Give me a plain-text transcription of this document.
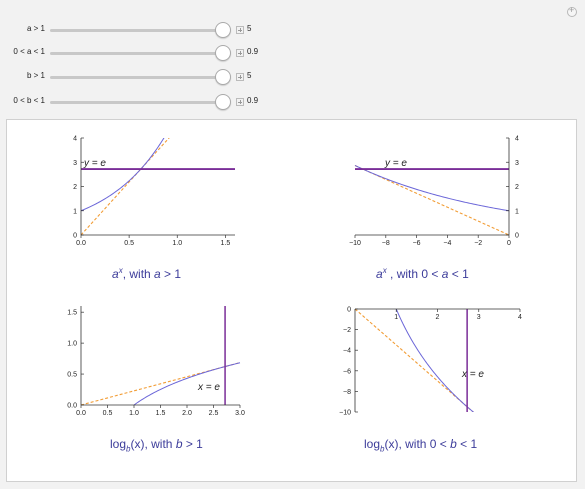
+
a > 1	5
0 < a < 1	0.9
b > 1	5
0 < b < 1	0.9
0.0	0.5	1.0	1.5
0
1
2
3
4
y = e
−10	−8	−6	−4	−2	0
0
1
2
3
4
y = e
0.0 0.5 1.0 1.5 2.0 2.5 3.0
0.0
0.5
1.0
1.5
x = e
1	2	3	4
0
−2
−4
−6
−8
−10
x = e
$a^x$, with a > 1	$a^x$ , with 0 < a < 1
$\log_b(x)$, with b > 1	$\log_b(x)$, with 0 < b < 1
